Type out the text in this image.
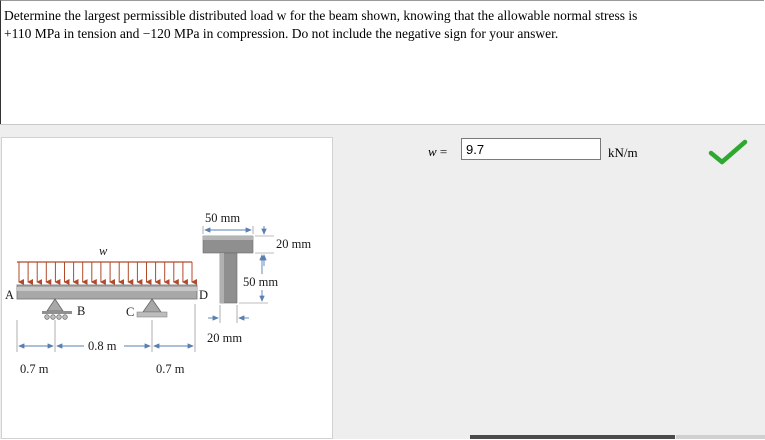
Determine the largest permissible distributed load w for the beam shown, knowing that the allowable normal stress is
+110 MPa in tension and −120 MPa in compression. Do not include the negative sign for your answer.
w
A	D
B	C
0.8 m
0.7 m	0.7 m
50 mm
20 mm
50 mm
20 mm
w =
9.7	kN/m
